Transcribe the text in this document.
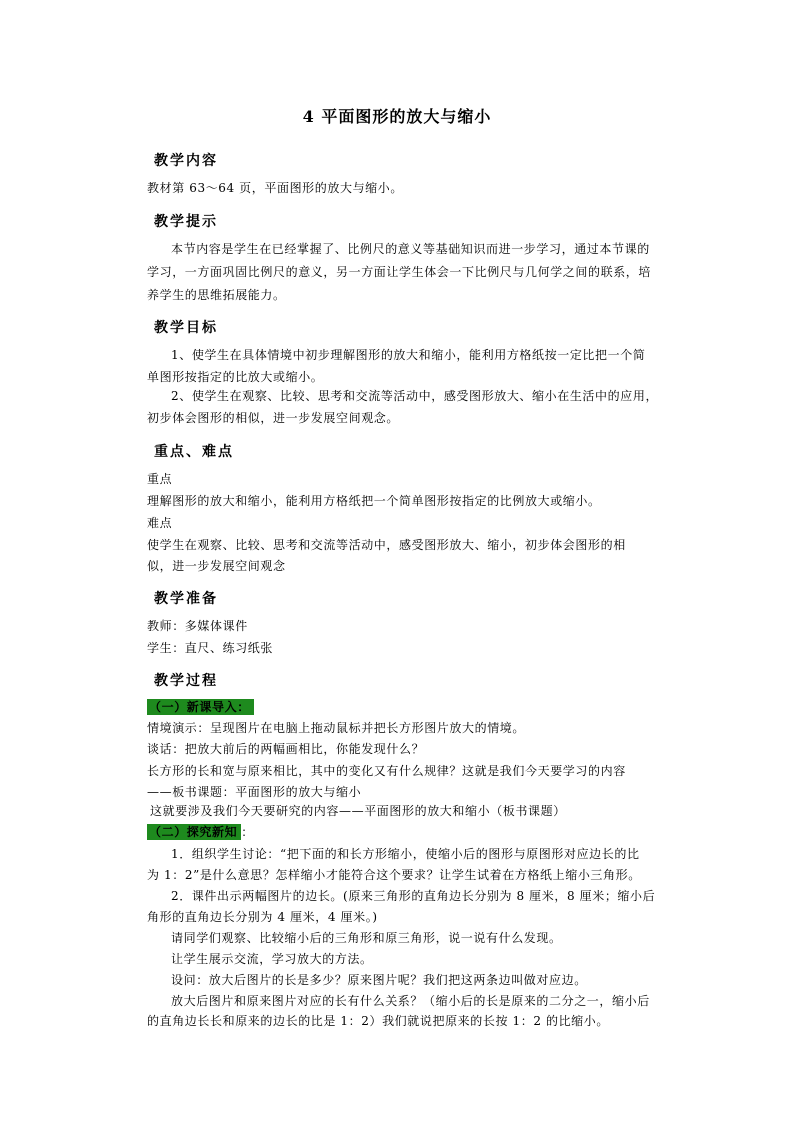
4 平面图形的放大与缩小
教学内容
教材第 63～64 页，平面图形的放大与缩小。
教学提示
本节内容是学生在已经掌握了、比例尺的意义等基础知识而进一步学习，通过本节课的
学习，一方面巩固比例尺的意义，另一方面让学生体会一下比例尺与几何学之间的联系，培
养学生的思维拓展能力。
教学目标
1、使学生在具体情境中初步理解图形的放大和缩小，能利用方格纸按一定比把一个简
单图形按指定的比放大或缩小。
2、使学生在观察、比较、思考和交流等活动中，感受图形放大、缩小在生活中的应用，
初步体会图形的相似，进一步发展空间观念。
重点、难点
重点
理解图形的放大和缩小，能利用方格纸把一个简单图形按指定的比例放大或缩小。
难点
使学生在观察、比较、思考和交流等活动中，感受图形放大、缩小，初步体会图形的相
似，进一步发展空间观念
教学准备
教师：多媒体课件
学生：直尺、练习纸张
教学过程
（一）新课导入：
情境演示：呈现图片在电脑上拖动鼠标并把长方形图片放大的情境。
谈话：把放大前后的两幅画相比，你能发现什么？
长方形的长和宽与原来相比，其中的变化又有什么规律？这就是我们今天要学习的内容
——板书课题：平面图形的放大与缩小
这就要涉及我们今天要研究的内容——平面图形的放大和缩小（板书课题）
（二）探究新知 ：
1．组织学生讨论：“把下面的和长方形缩小，使缩小后的图形与原图形对应边长的比
为 1：2”是什么意思？怎样缩小才能符合这个要求？让学生试着在方格纸上缩小三角形。
2．课件出示两幅图片的边长。(原来三角形的直角边长分别为 8 厘米，8 厘米；缩小后
角形的直角边长分别为 4 厘米，4 厘米。)
请同学们观察、比较缩小后的三角形和原三角形，说一说有什么发现。
让学生展示交流，学习放大的方法。
设问：放大后图片的长是多少？原来图片呢？我们把这两条边叫做对应边。
放大后图片和原来图片对应的长有什么关系？（缩小后的长是原来的二分之一，缩小后
的直角边长长和原来的边长的比是 1：2）我们就说把原来的长按 1：2 的比缩小。
